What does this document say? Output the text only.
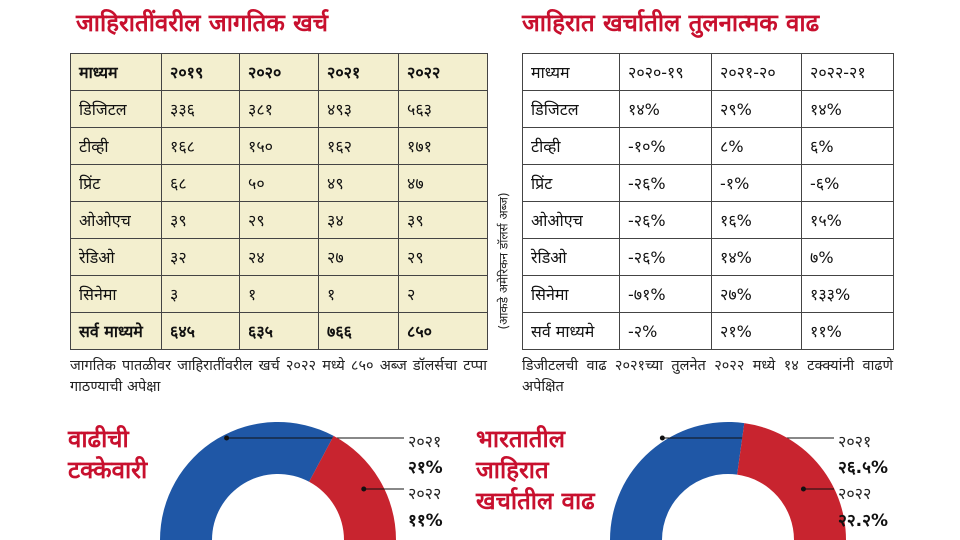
जाहिरातींवरील जागतिक खर्च	जाहिरात खर्चातील तुलनात्मक वाढ
माध्यम	२०१९	२०२०	२०२१	२०२२
डिजिटल	३३६	३८१	४९३	५६३
टीव्ही	१६८	१५०	१६२	१७१
प्रिंट	६८	५०	४९	४७
ओओएच	३९	२९	३४	३९
रेडिओ	३२	२४	२७	२९
सिनेमा	३	१	१	२
सर्व माध्यमे	६४५	६३५	७६६	८५०
माध्यम	२०२०-१९	२०२१-२०	२०२२-२१
डिजिटल	१४%	२९%	१४%
टीव्ही	-१०%	८%	६%
प्रिंट	-२६%	-१%	-६%
ओओएच	-२६%	१६%	१५%
रेडिओ	-२६%	१४%	७%
सिनेमा	-७१%	२७%	१३३%
सर्व माध्यमे	-२%	२१%	११%
(आकडे अमेरिकन डॉलर्स अब्ज)
जागतिक पातळीवर जाहिरातींवरील खर्च २०२२ मध्ये ८५० अब्ज डॉलर्सचा टप्पा गाठण्याची अपेक्षा
डिजीटलची वाढ २०२१च्या तुलनेत २०२२ मध्ये १४ टक्क्यांनी वाढणे अपेक्षित
वाढीची टक्केवारी
भारतातील जाहिरात खर्चातील वाढ
२०२१
२१%
२०२२
११%
२०२१
२६.५%
२०२२
२२.२%
